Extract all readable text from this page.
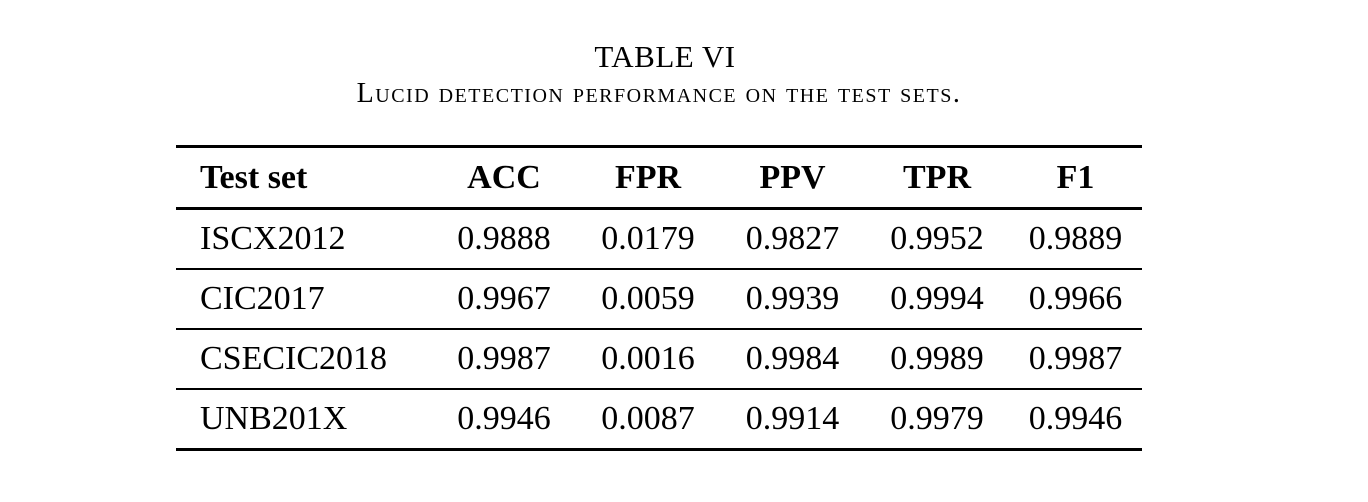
TABLE VI
Lucid detection performance on the test sets.
Test set	ACC	FPR	PPV	TPR	F1
ISCX2012	0.9888	0.0179	0.9827	0.9952	0.9889
CIC2017	0.9967	0.0059	0.9939	0.9994	0.9966
CSECIC2018	0.9987	0.0016	0.9984	0.9989	0.9987
UNB201X	0.9946	0.0087	0.9914	0.9979	0.9946
